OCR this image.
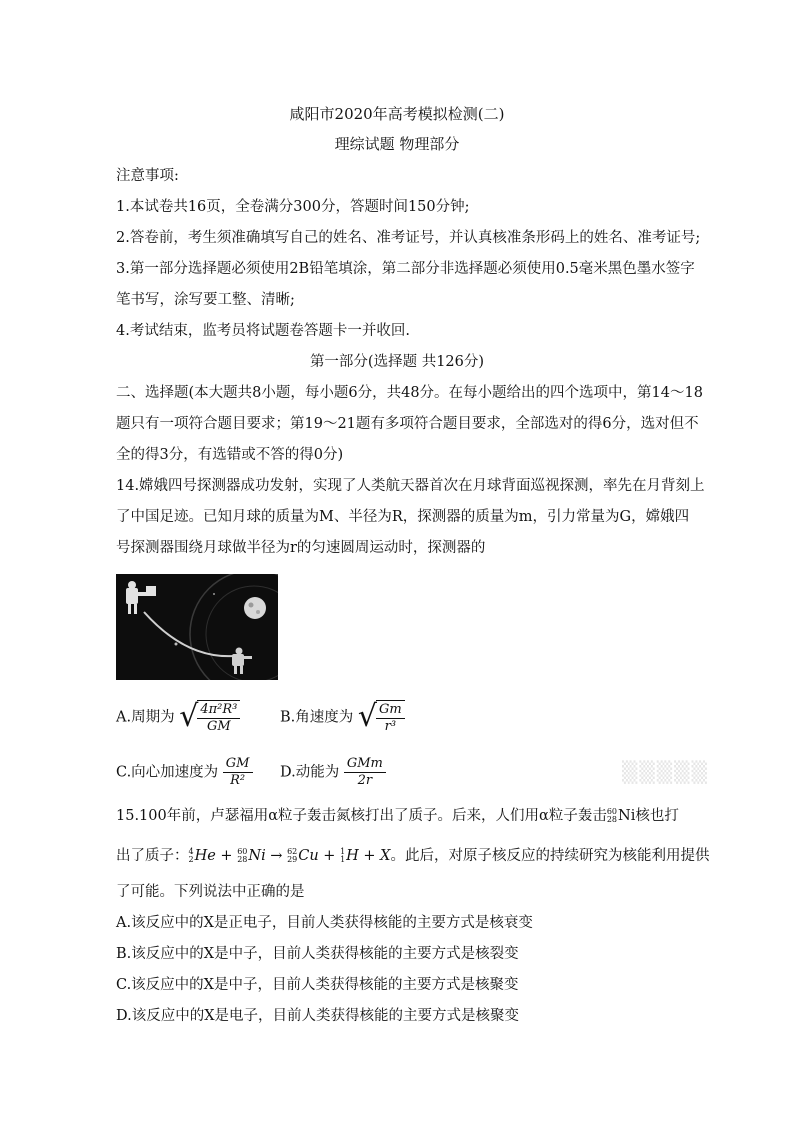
咸阳市2020年高考模拟检测(二)
理综试题 物理部分
注意事项:
1.本试卷共16页，全卷满分300分，答题时间150分钟;
2.答卷前，考生须准确填写自己的姓名、准考证号，并认真核准条形码上的姓名、准考证号;
3.第一部分选择题必须使用2B铅笔填涂，第二部分非选择题必须使用0.5毫米黑色墨水签字
笔书写，涂写要工整、清晰;
4.考试结束，监考员将试题卷答题卡一并收回.
第一部分(选择题 共126分)
二、选择题(本大题共8小题，每小题6分，共48分。在每小题给出的四个选项中，第14～18
题只有一项符合题目要求；第19～21题有多项符合题目要求，全部选对的得6分，选对但不
全的得3分，有选错或不答的得0分)
14.嫦娥四号探测器成功发射，实现了人类航天器首次在月球背面巡视探测，率先在月背刻上
了中国足迹。已知月球的质量为M、半径为R，探测器的质量为m，引力常量为G，嫦娥四
号探测器围绕月球做半径为r的匀速圆周运动时，探测器的
A.周期为 √ $\frac{\text{4π²R³}}{GM}$	B.角速度为 √ $\frac{Gm}{\text{r³}}$
C.向心加速度为 $\frac{GM}{\text{R²}} D$.动能为 $\frac{\text{GMm}}{2r}$	▒▒▒▒▒
15.100年前，卢瑟福用α粒子轰击氮核打出了质子。后来，人们用α粒子轰击 60
28 Ni核也打
出了质子： 4
2 He + 60
28 Ni → 62
29 Cu + 1
1 H + X。此后，对原子核反应的持续研究为核能利用提供
了可能。下列说法中正确的是
A.该反应中的X是正电子，目前人类获得核能的主要方式是核衰变
B.该反应中的X是中子，目前人类获得核能的主要方式是核裂变
C.该反应中的X是中子，目前人类获得核能的主要方式是核聚变
D.该反应中的X是电子，目前人类获得核能的主要方式是核聚变
